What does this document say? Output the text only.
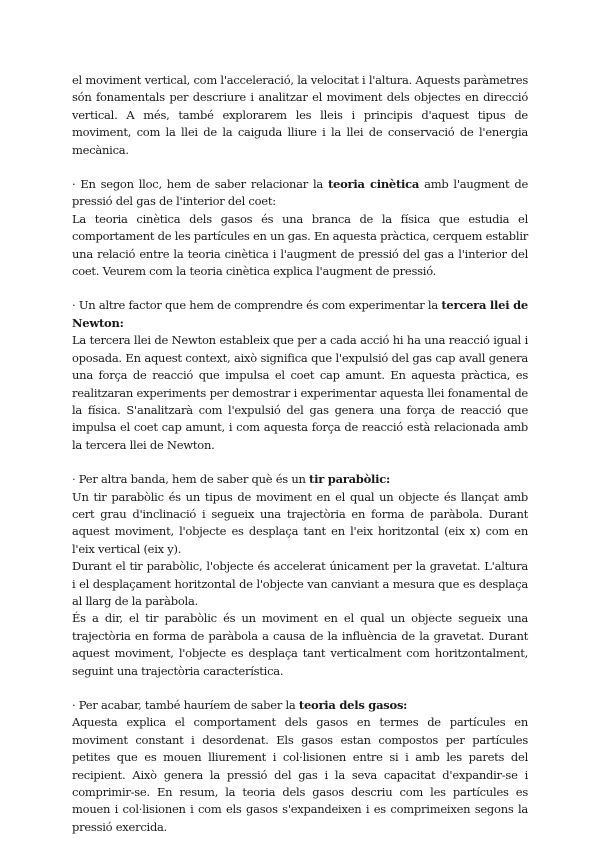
el moviment vertical, com l'acceleració, la velocitat i l'altura. Aquests paràmetres són fonamentals per descriure i analitzar el moviment dels objectes en direcció vertical. A més, també explorarem les lleis i principis d'aquest tipus de moviment, com la llei de la caiguda lliure i la llei de conservació de l'energia mecànica.

· En segon lloc, hem de saber relacionar la teoria cinètica amb l'augment de pressió del gas de l'interior del coet:

La teoria cinètica dels gasos és una branca de la física que estudia el comportament de les partícules en un gas. En aquesta pràctica, cerquem establir una relació entre la teoria cinètica i l'augment de pressió del gas a l'interior del coet. Veurem com la teoria cinètica explica l'augment de pressió.

· Un altre factor que hem de comprendre és com experimentar la tercera llei de Newton:

La tercera llei de Newton estableix que per a cada acció hi ha una reacció igual i oposada. En aquest context, això significa que l'expulsió del gas cap avall genera una força de reacció que impulsa el coet cap amunt. En aquesta pràctica, es realitzaran experiments per demostrar i experimentar aquesta llei fonamental de la física. S'analitzarà com l'expulsió del gas genera una força de reacció que impulsa el coet cap amunt, i com aquesta força de reacció està relacionada amb la tercera llei de Newton.

· Per altra banda, hem de saber què és un tir parabòlic:

Un tir parabòlic és un tipus de moviment en el qual un objecte és llançat amb cert grau d'inclinació i segueix una trajectòria en forma de paràbola. Durant aquest moviment, l'objecte es desplaça tant en l'eix horitzontal (eix x) com en l'eix vertical (eix y).

Durant el tir parabòlic, l'objecte és accelerat únicament per la gravetat. L'altura i el desplaçament horitzontal de l'objecte van canviant a mesura que es desplaça al llarg de la paràbola.

És a dir, el tir parabòlic és un moviment en el qual un objecte segueix una trajectòria en forma de paràbola a causa de la influència de la gravetat. Durant aquest moviment, l'objecte es desplaça tant verticalment com horitzontalment, seguint una trajectòria característica.

· Per acabar, també hauríem de saber la teoria dels gasos:

Aquesta explica el comportament dels gasos en termes de partícules en moviment constant i desordenat. Els gasos estan compostos per partícules petites que es mouen lliurement i col·lisionen entre si i amb les parets del recipient. Això genera la pressió del gas i la seva capacitat d'expandir-se i comprimir-se. En resum, la teoria dels gasos descriu com les partícules es mouen i col·lisionen i com els gasos s'expandeixen i es comprimeixen segons la pressió exercida.
